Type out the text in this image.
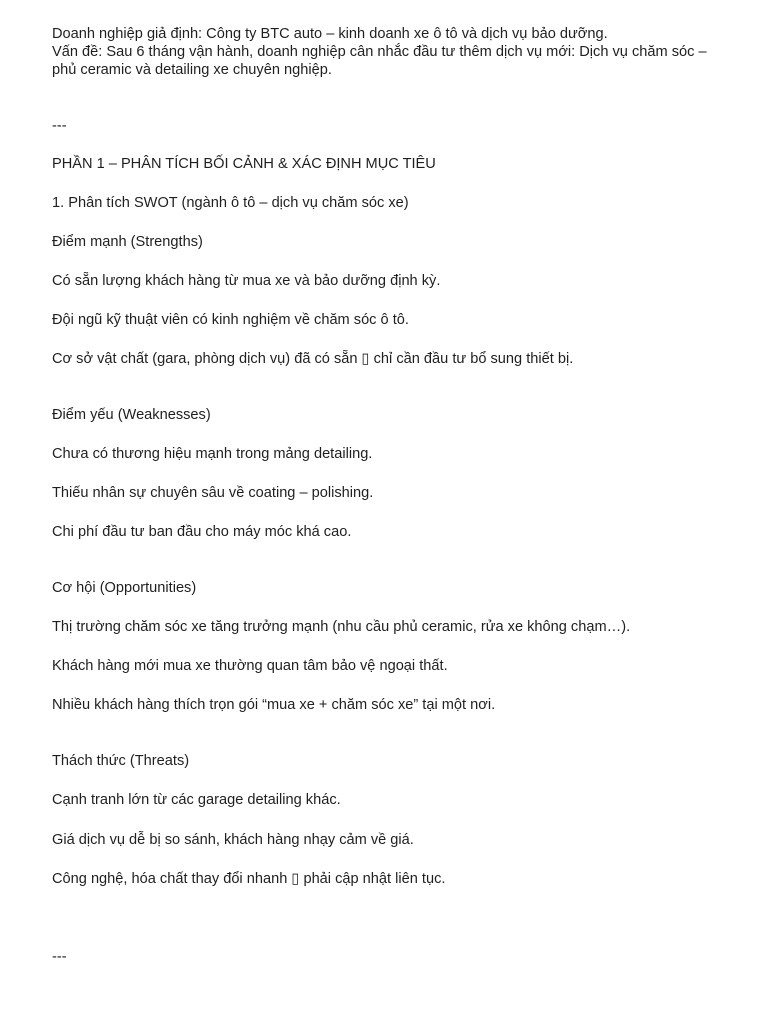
Doanh nghiệp giả định: Công ty BTC auto – kinh doanh xe ô tô và dịch vụ bảo dưỡng.

Vấn đề: Sau 6 tháng vận hành, doanh nghiệp cân nhắc đầu tư thêm dịch vụ mới: Dịch vụ chăm sóc – phủ ceramic và detailing xe chuyên nghiệp.

---
PHẦN 1 – PHÂN TÍCH BỐI CẢNH & XÁC ĐỊNH MỤC TIÊU
1. Phân tích SWOT (ngành ô tô – dịch vụ chăm sóc xe)
Điểm mạnh (Strengths)
Có sẵn lượng khách hàng từ mua xe và bảo dưỡng định kỳ.
Đội ngũ kỹ thuật viên có kinh nghiệm về chăm sóc ô tô.
Cơ sở vật chất (gara, phòng dịch vụ) đã có sẵn ▯ chỉ cần đầu tư bổ sung thiết bị.
Điểm yếu (Weaknesses)
Chưa có thương hiệu mạnh trong mảng detailing.
Thiếu nhân sự chuyên sâu về coating – polishing.
Chi phí đầu tư ban đầu cho máy móc khá cao.
Cơ hội (Opportunities)
Thị trường chăm sóc xe tăng trưởng mạnh (nhu cầu phủ ceramic, rửa xe không chạm…).
Khách hàng mới mua xe thường quan tâm bảo vệ ngoại thất.
Nhiều khách hàng thích trọn gói “mua xe + chăm sóc xe” tại một nơi.
Thách thức (Threats)
Cạnh tranh lớn từ các garage detailing khác.
Giá dịch vụ dễ bị so sánh, khách hàng nhạy cảm về giá.
Công nghệ, hóa chất thay đổi nhanh ▯ phải cập nhật liên tục.
---
